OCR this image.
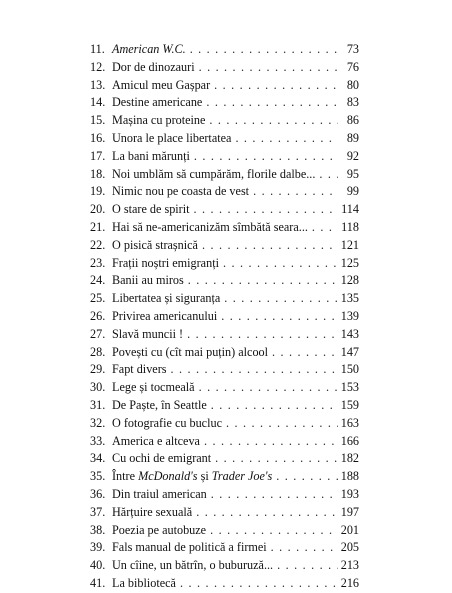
11. American W.C. . . .	73
12. Dor de dinozauri . . .	76
13. Amicul meu Gașpar . . .	80
14. Destine americane . . .	83
15. Mașina cu proteine . . .	86
16. Unora le place libertatea . . .	89
17. La bani mărunți . . .	92
18. Noi umblăm să cumpărăm, florile dalbe... . . .	95
19. Nimic nou pe coasta de vest . . .	99
20. O stare de spirit . . .	114
21. Hai să ne-americanizăm sîmbătă seara... . . .	118
22. O pisică strașnică . . .	121
23. Frații noștri emigranți . . .	125
24. Banii au miros . . .	128
25. Libertatea și siguranța . . .	135
26. Privirea americanului . . .	139
27. Slavă muncii ! . . .	143
28. Povești cu (cît mai puțin) alcool . . .	147
29. Fapt divers . . .	150
30. Lege și tocmeală . . .	153
31. De Paște, în Seattle . . .	159
32. O fotografie cu bucluc . . .	163
33. America e altceva . . .	166
34. Cu ochi de emigrant . . .	182
35. Între McDonald's și Trader Joe's . . .	188
36. Din traiul american . . .	193
37. Hărțuire sexuală . . .	197
38. Poezia pe autobuze . . .	201
39. Fals manual de politică a firmei . . .	205
40. Un cîine, un bătrîn, o buburuză... . . .	213
41. La bibliotecă . . .	216
